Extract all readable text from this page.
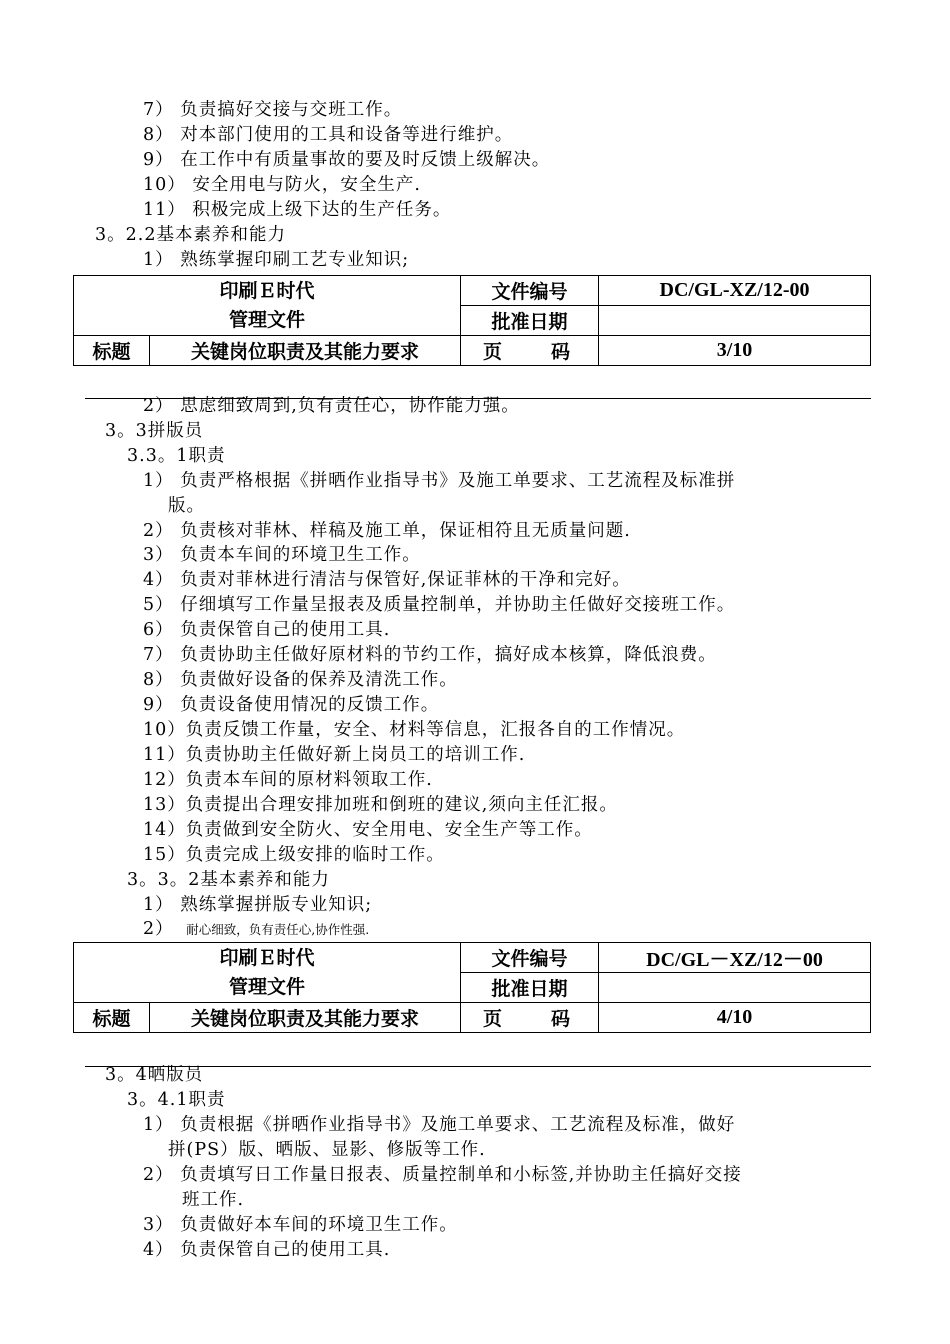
7） 负责搞好交接与交班工作。
8） 对本部门使用的工具和设备等进行维护。
9） 在工作中有质量事故的要及时反馈上级解决。
10） 安全用电与防火，安全生产.
11） 积极完成上级下达的生产任务。
3。2.2基本素养和能力
1） 熟练掌握印刷工艺专业知识;
印刷Ｅ时代
管理文件		文件编号	DC/GL-XZ/12-00
		批准日期	
标题	关键岗位职责及其能力要求	页 码	3/10
2） 思虑细致周到,负有责任心，协作能力强。
3。3拼版员
3.3。1职责
1） 负责严格根据《拼晒作业指导书》及施工单要求、工艺流程及标准拼
版。
2） 负责核对菲林、样稿及施工单，保证相符且无质量问题.
3） 负责本车间的环境卫生工作。
4） 负责对菲林进行清洁与保管好,保证菲林的干净和完好。
5） 仔细填写工作量呈报表及质量控制单，并协助主任做好交接班工作。
6） 负责保管自己的使用工具.
7） 负责协助主任做好原材料的节约工作，搞好成本核算，降低浪费。
8） 负责做好设备的保养及清洗工作。
9） 负责设备使用情况的反馈工作。
10）负责反馈工作量，安全、材料等信息，汇报各自的工作情况。
11）负责协助主任做好新上岗员工的培训工作.
12）负责本车间的原材料领取工作.
13）负责提出合理安排加班和倒班的建议,须向主任汇报。
14）负责做到安全防火、安全用电、安全生产等工作。
15）负责完成上级安排的临时工作。
3。3。2基本素养和能力
1） 熟练掌握拼版专业知识;
2） 耐心细致，负有责任心,协作性强.
印刷Ｅ时代
管理文件		文件编号	DC/GL－XZ/12－00
		批准日期	
标题	关键岗位职责及其能力要求	页 码	4/10
3。4晒版员
3。4.1职责
1） 负责根据《拼晒作业指导书》及施工单要求、工艺流程及标准，做好
拼(PS）版、晒版、显影、修版等工作.
2） 负责填写日工作量日报表、质量控制单和小标签,并协助主任搞好交接
班工作.
3） 负责做好本车间的环境卫生工作。
4） 负责保管自己的使用工具.
